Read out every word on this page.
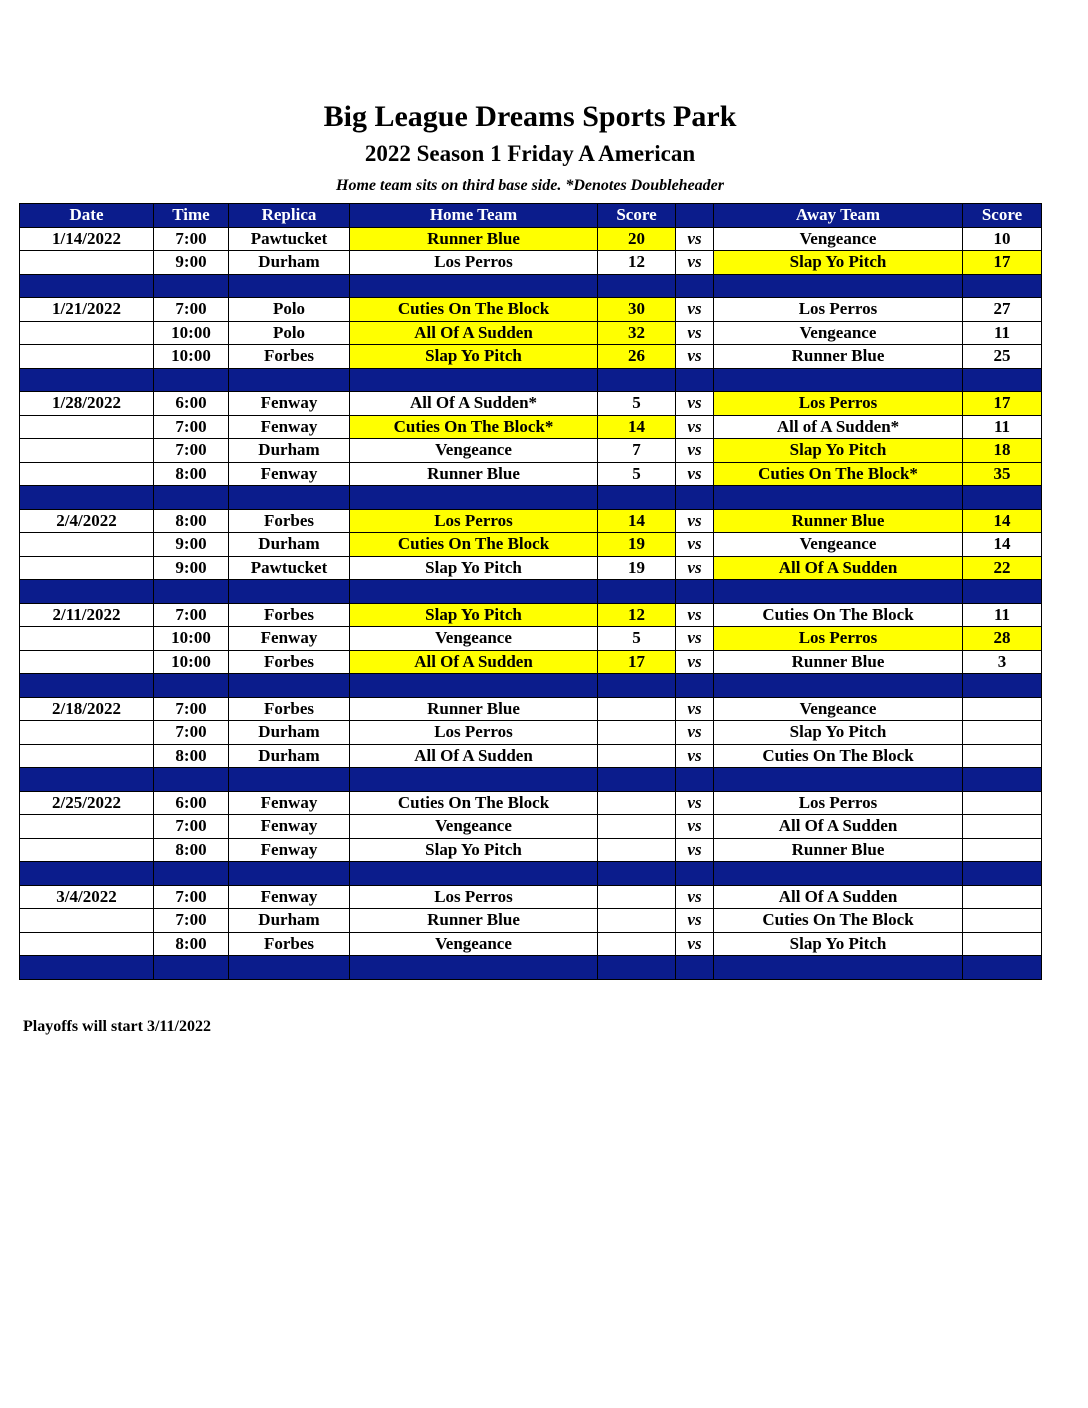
Big League Dreams Sports Park
2022 Season 1 Friday A American
Home team sits on third base side. *Denotes Doubleheader
Date	Time	Replica	Home Team	Score		Away Team	Score
1/14/2022	7:00	Pawtucket	Runner Blue	20	vs	Vengeance	10
	9:00	Durham	Los Perros	12	vs	Slap Yo Pitch	17

1/21/2022	7:00	Polo	Cuties On The Block	30	vs	Los Perros	27
	10:00	Polo	All Of A Sudden	32	vs	Vengeance	11
	10:00	Forbes	Slap Yo Pitch	26	vs	Runner Blue	25

1/28/2022	6:00	Fenway	All Of A Sudden*	5	vs	Los Perros	17
	7:00	Fenway	Cuties On The Block*	14	vs	All of A Sudden*	11
	7:00	Durham	Vengeance	7	vs	Slap Yo Pitch	18
	8:00	Fenway	Runner Blue	5	vs	Cuties On The Block*	35

2/4/2022	8:00	Forbes	Los Perros	14	vs	Runner Blue	14
	9:00	Durham	Cuties On The Block	19	vs	Vengeance	14
	9:00	Pawtucket	Slap Yo Pitch	19	vs	All Of A Sudden	22

2/11/2022	7:00	Forbes	Slap Yo Pitch	12	vs	Cuties On The Block	11
	10:00	Fenway	Vengeance	5	vs	Los Perros	28
	10:00	Forbes	All Of A Sudden	17	vs	Runner Blue	3

2/18/2022	7:00	Forbes	Runner Blue		vs	Vengeance	
	7:00	Durham	Los Perros		vs	Slap Yo Pitch	
	8:00	Durham	All Of A Sudden		vs	Cuties On The Block	

2/25/2022	6:00	Fenway	Cuties On The Block		vs	Los Perros	
	7:00	Fenway	Vengeance		vs	All Of A Sudden	
	8:00	Fenway	Slap Yo Pitch		vs	Runner Blue	

3/4/2022	7:00	Fenway	Los Perros		vs	All Of A Sudden	
	7:00	Durham	Runner Blue		vs	Cuties On The Block	
	8:00	Forbes	Vengeance		vs	Slap Yo Pitch	

Playoffs will start 3/11/2022
